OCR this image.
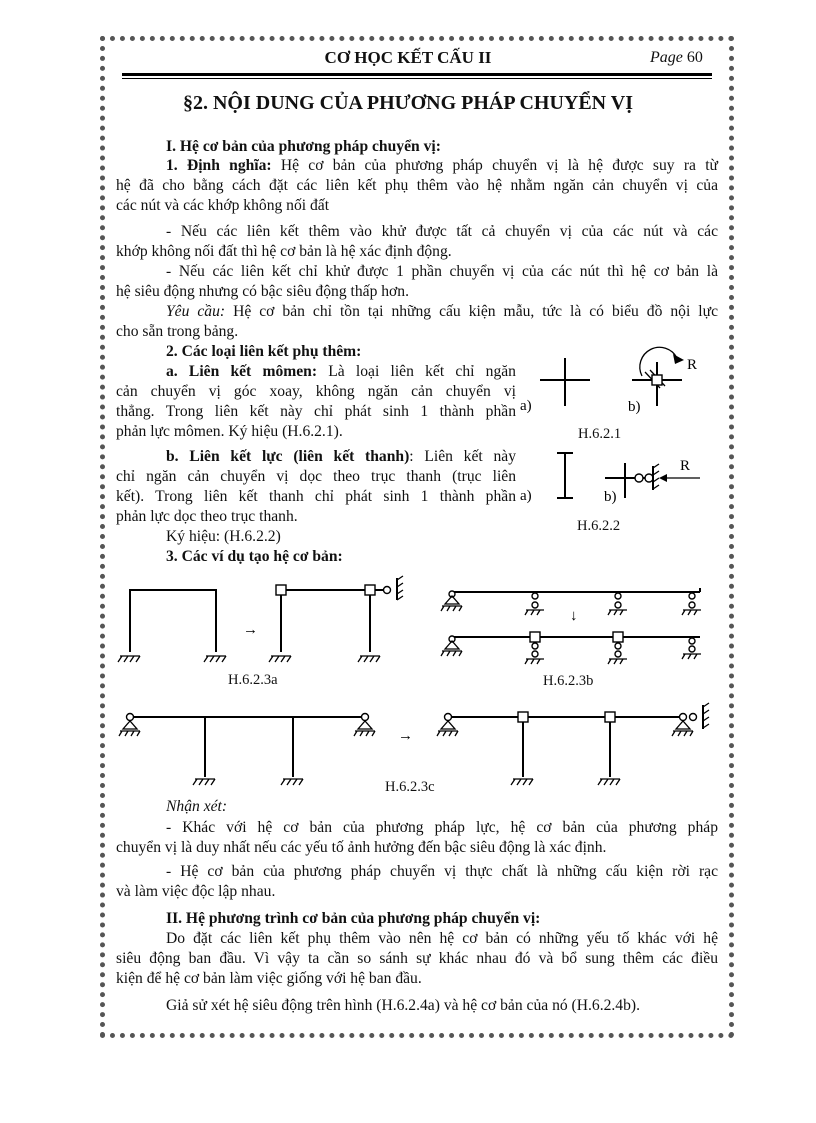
CƠ HỌC KẾT CẤU II	Page 60
§2. NỘI DUNG CỦA PHƯƠNG PHÁP CHUYỂN VỊ
I. Hệ cơ bản của phương pháp chuyển vị:
1. Định nghĩa: Hệ cơ bản của phương pháp chuyển vị là hệ được suy ra từ
hệ đã cho bằng cách đặt các liên kết phụ thêm vào hệ nhằm ngăn cản chuyển vị của
các nút và các khớp không nối đất
- Nếu các liên kết thêm vào khử được tất cả chuyển vị của các nút và các
khớp không nối đất thì hệ cơ bản là hệ xác định động.
- Nếu các liên kết chỉ khử được 1 phần chuyển vị của các nút thì hệ cơ bản là
hệ siêu động nhưng có bậc siêu động thấp hơn.
Yêu cầu: Hệ cơ bản chỉ tồn tại những cấu kiện mẫu, tức là có biểu đồ nội lực
cho sẵn trong bảng.
2. Các loại liên kết phụ thêm:
a. Liên kết mômen: Là loại liên kết chỉ ngăn
cản chuyển vị góc xoay, không ngăn cản chuyển vị
thẳng. Trong liên kết này chỉ phát sinh 1 thành phần
phản lực mômen. Ký hiệu (H.6.2.1).
b. Liên kết lực (liên kết thanh): Liên kết này
chỉ ngăn cản chuyển vị dọc theo trục thanh (trục liên
kết). Trong liên kết thanh chỉ phát sinh 1 thành phần
phản lực dọc theo trục thanh.
Ký hiệu: (H.6.2.2)
3. Các ví dụ tạo hệ cơ bản:
a)	b)
R
H.6.2.1
a)	b)
R
H.6.2.2
→
H.6.2.3a
↓
H.6.2.3b
→
H.6.2.3c
Nhận xét:
- Khác với hệ cơ bản của phương pháp lực, hệ cơ bản của phương pháp
chuyển vị là duy nhất nếu các yếu tố ảnh hưởng đến bậc siêu động là xác định.
- Hệ cơ bản của phương pháp chuyển vị thực chất là những cấu kiện rời rạc
và làm việc độc lập nhau.
II. Hệ phương trình cơ bản của phương pháp chuyển vị:
Do đặt các liên kết phụ thêm vào nên hệ cơ bản có những yếu tố khác với hệ
siêu động ban đầu. Vì vậy ta cần so sánh sự khác nhau đó và bổ sung thêm các điều
kiện để hệ cơ bản làm việc giống với hệ ban đầu.
Giả sử xét hệ siêu động trên hình (H.6.2.4a) và hệ cơ bản của nó (H.6.2.4b).
